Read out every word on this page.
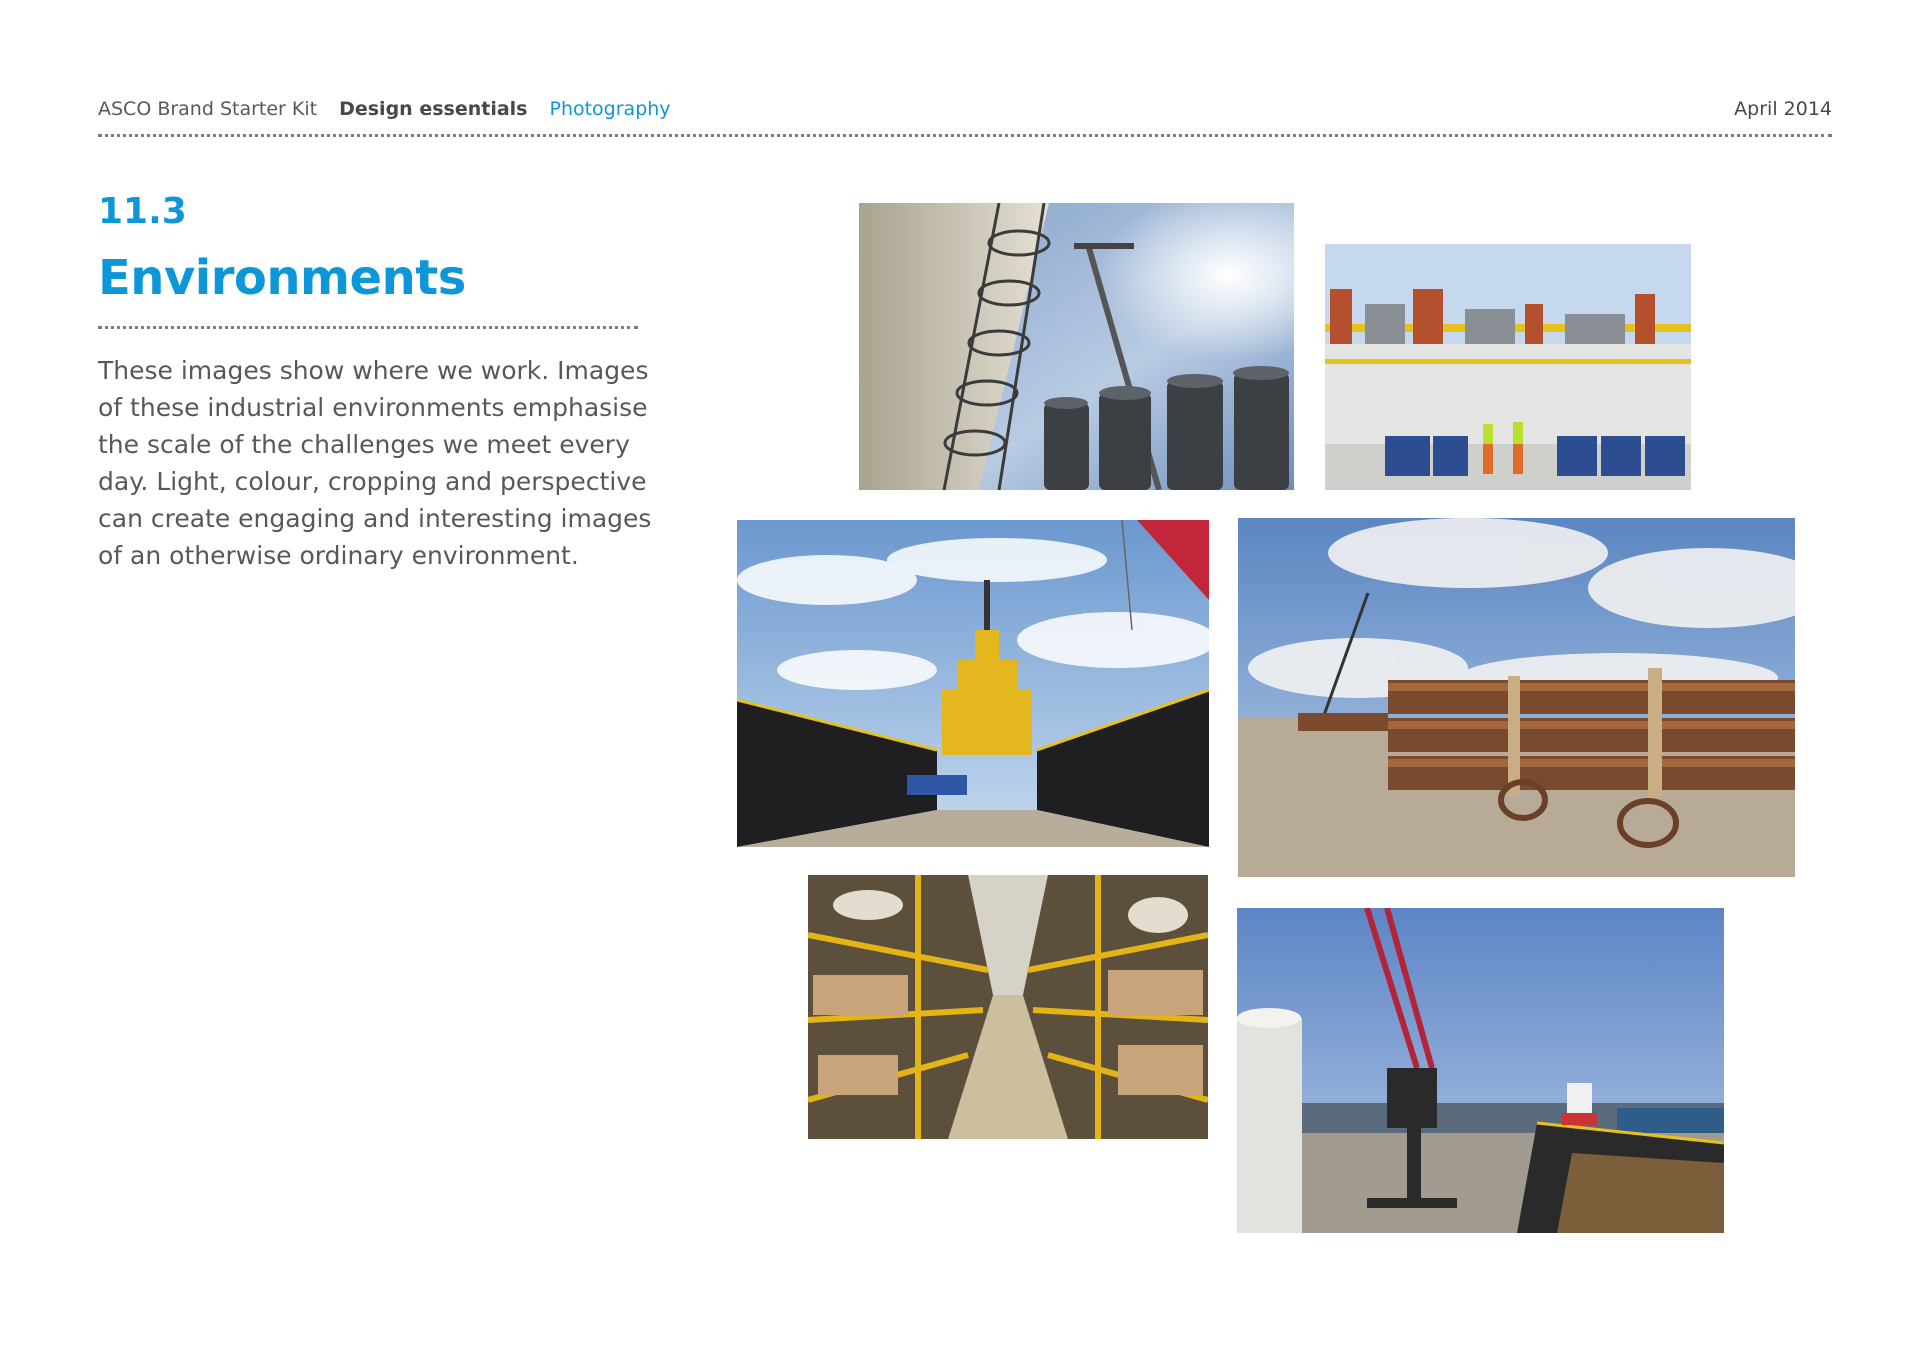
ASCO Brand Starter Kit Design essentials Photography	April 2014
11.3
Environments
These images show where we work. Images of these industrial environments emphasise the scale of the challenges we meet every day. Light, colour, cropping and perspective can create engaging and interesting images of an otherwise ordinary environment.
